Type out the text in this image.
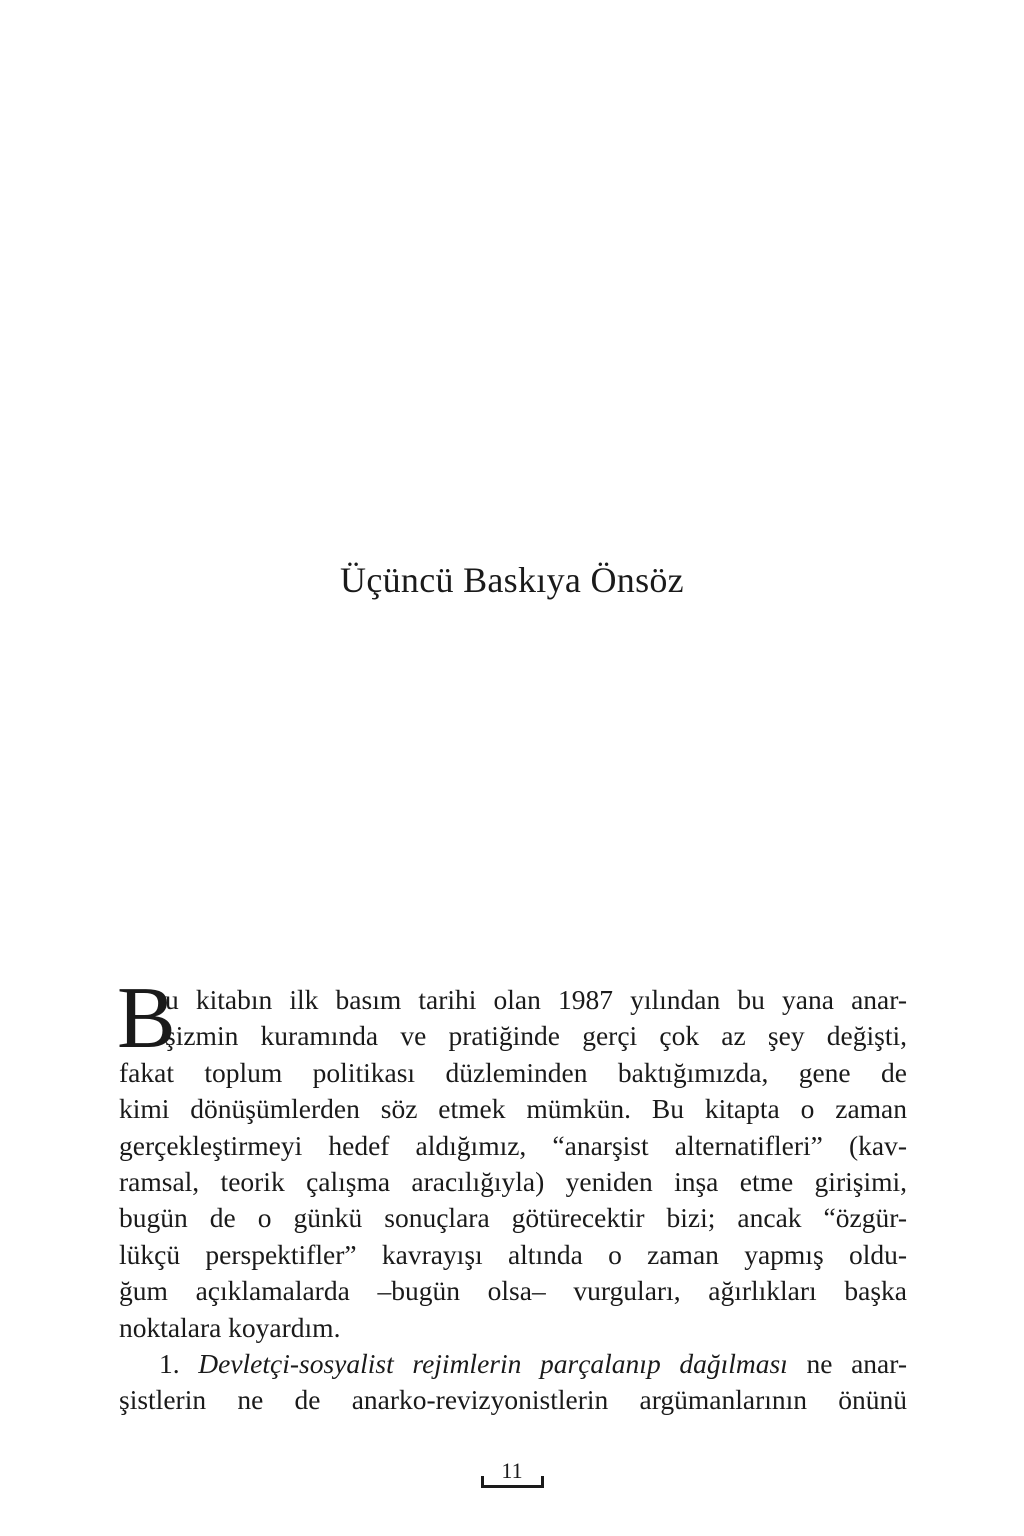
Üçüncü Baskıya Önsöz
B

u kitabın ilk basım tarihi olan 1987 yılından bu yana anar-
şizmin kuramında ve pratiğinde gerçi çok az şey değişti,
fakat toplum politikası düzleminden baktığımızda, gene de
kimi dönüşümlerden söz etmek mümkün. Bu kitapta o zaman
gerçekleştirmeyi hedef aldığımız, “anarşist alternatifleri” (kav-
ramsal, teorik çalışma aracılığıyla) yeniden inşa etme girişimi,
bugün de o günkü sonuçlara götürecektir bizi; ancak “özgür-
lükçü perspektifler” kavrayışı altında o zaman yapmış oldu-
ğum açıklamalarda –bugün olsa– vurguları, ağırlıkları başka
noktalara koyardım.

1. Devletçi-sosyalist rejimlerin parçalanıp dağılması ne anar-
şistlerin ne de anarko-revizyonistlerin argümanlarının önünü

11
